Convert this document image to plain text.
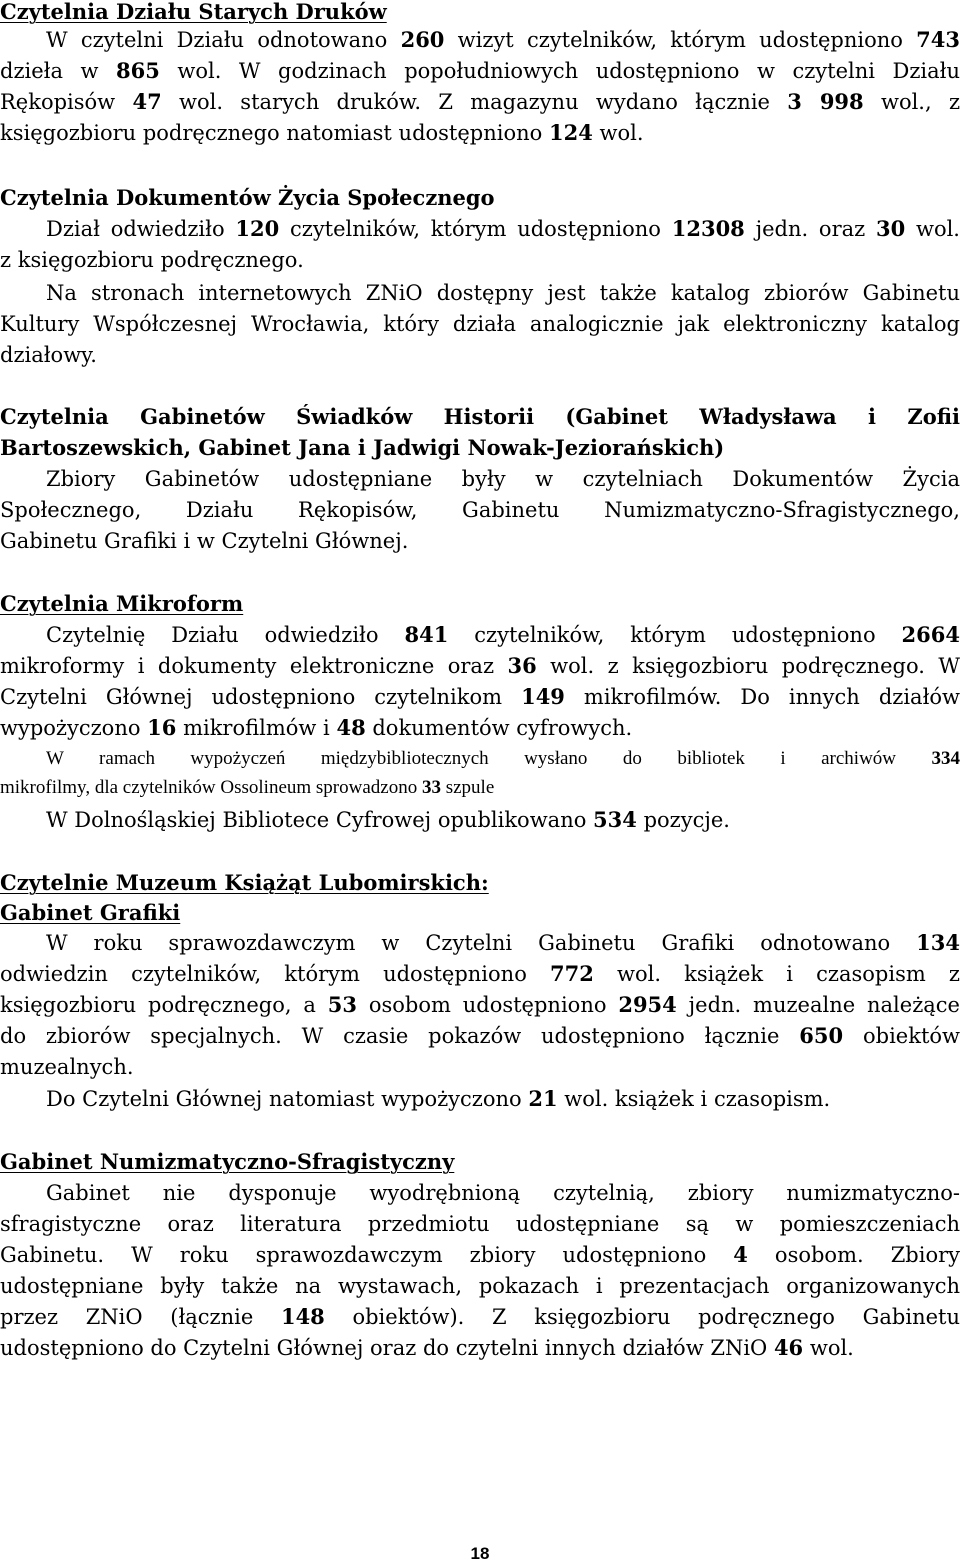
Czytelnia Działu Starych Druków
W czytelni Działu odnotowano 260 wizyt czytelników, którym udostępniono 743
dzieła w 865 wol. W godzinach popołudniowych udostępniono w czytelni Działu
Rękopisów 47 wol. starych druków. Z magazynu wydano łącznie 3 998 wol., z
księgozbioru podręcznego natomiast udostępniono 124 wol.
Czytelnia Dokumentów Życia Społecznego
Dział odwiedziło 120 czytelników, którym udostępniono 12308 jedn. oraz 30 wol.
z księgozbioru podręcznego.
Na stronach internetowych ZNiO dostępny jest także katalog zbiorów Gabinetu
Kultury Współczesnej Wrocławia, który działa analogicznie jak elektroniczny katalog
działowy.
Czytelnia Gabinetów Świadków Historii (Gabinet Władysława i Zofii
Bartoszewskich, Gabinet Jana i Jadwigi Nowak-Jeziorańskich)
Zbiory Gabinetów udostępniane były w czytelniach Dokumentów Życia
Społecznego, Działu Rękopisów, Gabinetu Numizmatyczno-Sfragistycznego,
Gabinetu Grafiki i w Czytelni Głównej.
Czytelnia Mikroform
Czytelnię Działu odwiedziło 841 czytelników, którym udostępniono 2664
mikroformy i dokumenty elektroniczne oraz 36 wol. z księgozbioru podręcznego. W
Czytelni Głównej udostępniono czytelnikom 149 mikrofilmów. Do innych działów
wypożyczono 16 mikrofilmów i 48 dokumentów cyfrowych.
W ramach wypożyczeń międzybibliotecznych wysłano do bibliotek i archiwów 334
mikrofilmy, dla czytelników Ossolineum sprowadzono 33 szpule
W Dolnośląskiej Bibliotece Cyfrowej opublikowano 534 pozycje.
Czytelnie Muzeum Książąt Lubomirskich:
Gabinet Grafiki
W roku sprawozdawczym w Czytelni Gabinetu Grafiki odnotowano 134
odwiedzin czytelników, którym udostępniono 772 wol. książek i czasopism z
księgozbioru podręcznego, a 53 osobom udostępniono 2954 jedn. muzealne należące
do zbiorów specjalnych. W czasie pokazów udostępniono łącznie 650 obiektów
muzealnych.
Do Czytelni Głównej natomiast wypożyczono 21 wol. książek i czasopism.
Gabinet Numizmatyczno-Sfragistyczny
Gabinet nie dysponuje wyodrębnioną czytelnią, zbiory numizmatyczno-
sfragistyczne oraz literatura przedmiotu udostępniane są w pomieszczeniach
Gabinetu. W roku sprawozdawczym zbiory udostępniono 4 osobom. Zbiory
udostępniane były także na wystawach, pokazach i prezentacjach organizowanych
przez ZNiO (łącznie 148 obiektów). Z księgozbioru podręcznego Gabinetu
udostępniono do Czytelni Głównej oraz do czytelni innych działów ZNiO 46 wol.
18
